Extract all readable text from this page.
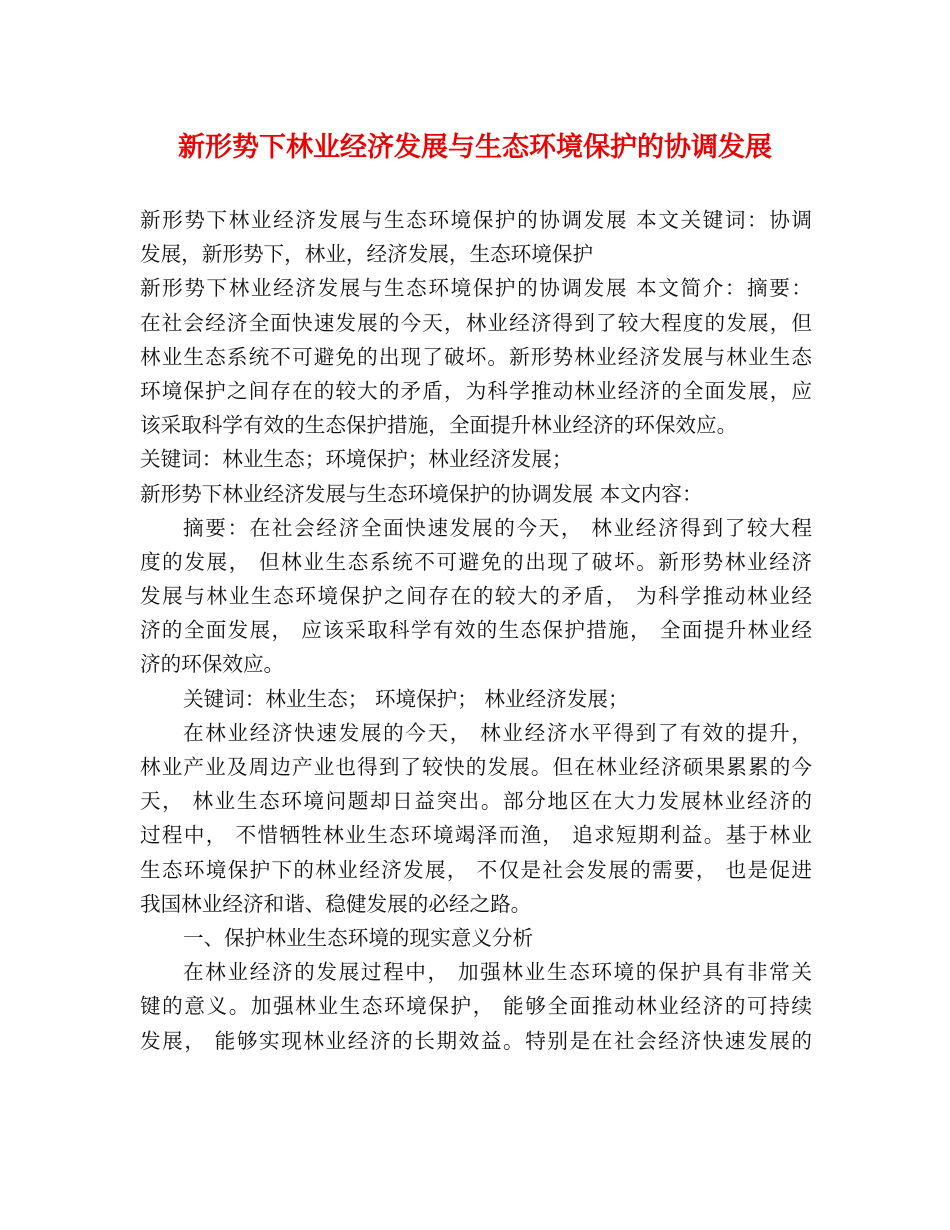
新形势下林业经济发展与生态环境保护的协调发展
新形势下林业经济发展与生态环境保护的协调发展 本文关键词：协调
发展，新形势下，林业，经济发展，生态环境保护
新形势下林业经济发展与生态环境保护的协调发展 本文简介：摘要：
在社会经济全面快速发展的今天，林业经济得到了较大程度的发展，但
林业生态系统不可避免的出现了破坏。新形势林业经济发展与林业生态
环境保护之间存在的较大的矛盾，为科学推动林业经济的全面发展，应
该采取科学有效的生态保护措施，全面提升林业经济的环保效应。
关键词：林业生态；环境保护；林业经济发展；
新形势下林业经济发展与生态环境保护的协调发展 本文内容：
摘要：在社会经济全面快速发展的今天， 林业经济得到了较大程
度的发展， 但林业生态系统不可避免的出现了破坏。新形势林业经济
发展与林业生态环境保护之间存在的较大的矛盾， 为科学推动林业经
济的全面发展， 应该采取科学有效的生态保护措施， 全面提升林业经
济的环保效应。
关键词：林业生态； 环境保护； 林业经济发展；
在林业经济快速发展的今天， 林业经济水平得到了有效的提升，
林业产业及周边产业也得到了较快的发展。但在林业经济硕果累累的今
天， 林业生态环境问题却日益突出。部分地区在大力发展林业经济的
过程中， 不惜牺牲林业生态环境竭泽而渔， 追求短期利益。基于林业
生态环境保护下的林业经济发展， 不仅是社会发展的需要， 也是促进
我国林业经济和谐、稳健发展的必经之路。
一、保护林业生态环境的现实意义分析
在林业经济的发展过程中， 加强林业生态环境的保护具有非常关
键的意义。加强林业生态环境保护， 能够全面推动林业经济的可持续
发展， 能够实现林业经济的长期效益。特别是在社会经济快速发展的
